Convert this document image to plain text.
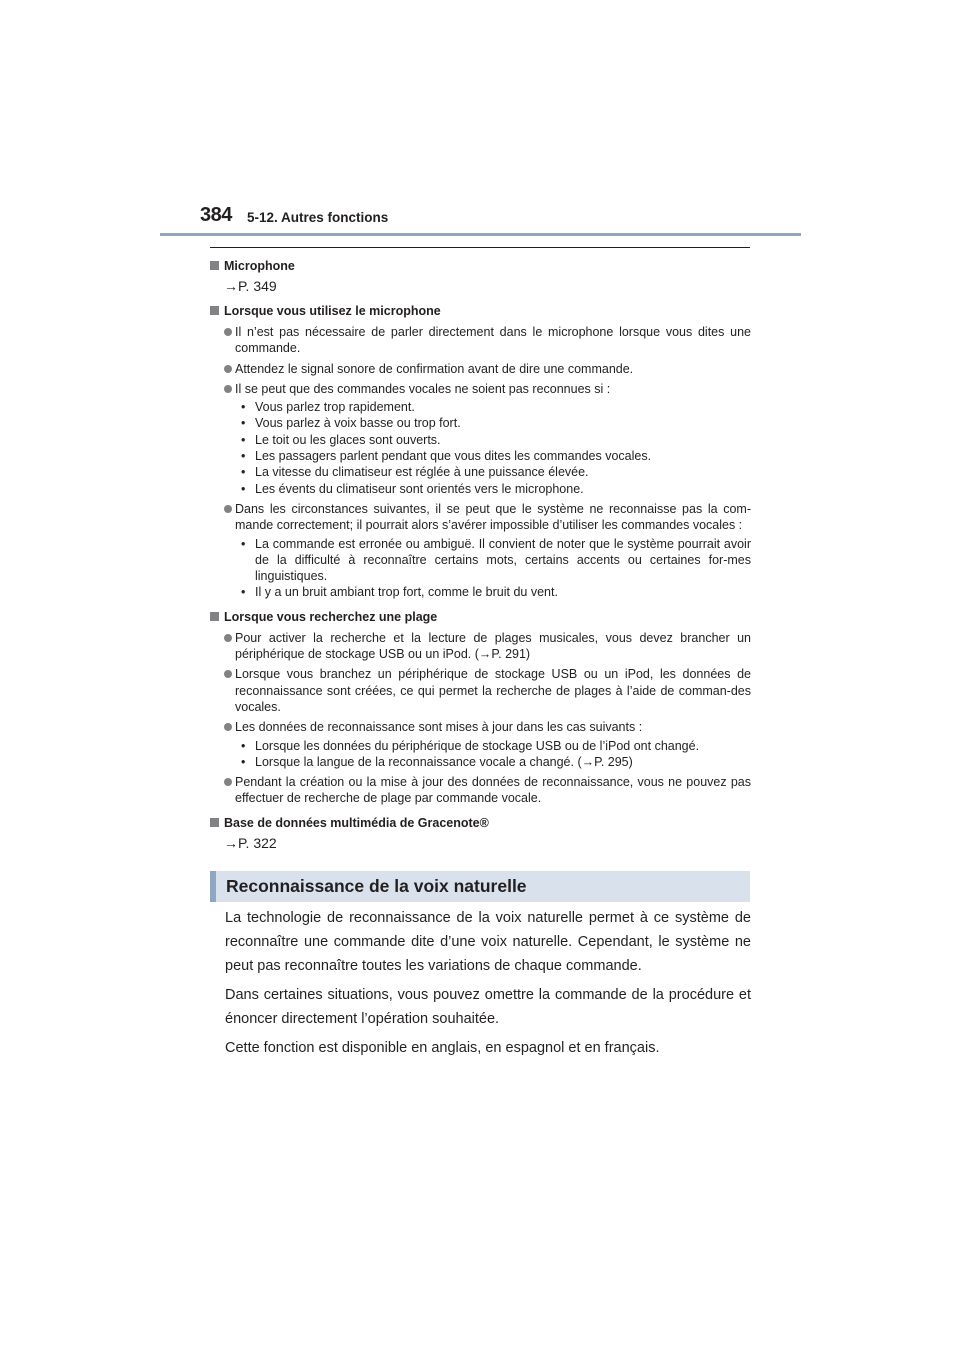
384 5-12. Autres fonctions
Microphone
→P. 349
Lorsque vous utilisez le microphone
Il n’est pas nécessaire de parler directement dans le microphone lorsque vous dites une commande.
Attendez le signal sonore de confirmation avant de dire une commande.
Il se peut que des commandes vocales ne soient pas reconnues si :
• Vous parlez trop rapidement.
• Vous parlez à voix basse ou trop fort.
• Le toit ou les glaces sont ouverts.
• Les passagers parlent pendant que vous dites les commandes vocales.
• La vitesse du climatiseur est réglée à une puissance élevée.
• Les évents du climatiseur sont orientés vers le microphone.
Dans les circonstances suivantes, il se peut que le système ne reconnaisse pas la com-mande correctement; il pourrait alors s’avérer impossible d’utiliser les commandes vocales :
• La commande est erronée ou ambiguë. Il convient de noter que le système pourrait avoir de la difficulté à reconnaître certains mots, certains accents ou certaines for-mes linguistiques.
• Il y a un bruit ambiant trop fort, comme le bruit du vent.
Lorsque vous recherchez une plage
Pour activer la recherche et la lecture de plages musicales, vous devez brancher un périphérique de stockage USB ou un iPod. (→P. 291)
Lorsque vous branchez un périphérique de stockage USB ou un iPod, les données de reconnaissance sont créées, ce qui permet la recherche de plages à l’aide de comman-des vocales.
Les données de reconnaissance sont mises à jour dans les cas suivants :
• Lorsque les données du périphérique de stockage USB ou de l’iPod ont changé.
• Lorsque la langue de la reconnaissance vocale a changé. (→P. 295)
Pendant la création ou la mise à jour des données de reconnaissance, vous ne pouvez pas effectuer de recherche de plage par commande vocale.
Base de données multimédia de Gracenote®
→P. 322
Reconnaissance de la voix naturelle

La technologie de reconnaissance de la voix naturelle permet à ce système de reconnaître une commande dite d’une voix naturelle. Cependant, le système ne peut pas reconnaître toutes les variations de chaque commande.

Dans certaines situations, vous pouvez omettre la commande de la procédure et énoncer directement l’opération souhaitée.

Cette fonction est disponible en anglais, en espagnol et en français.
